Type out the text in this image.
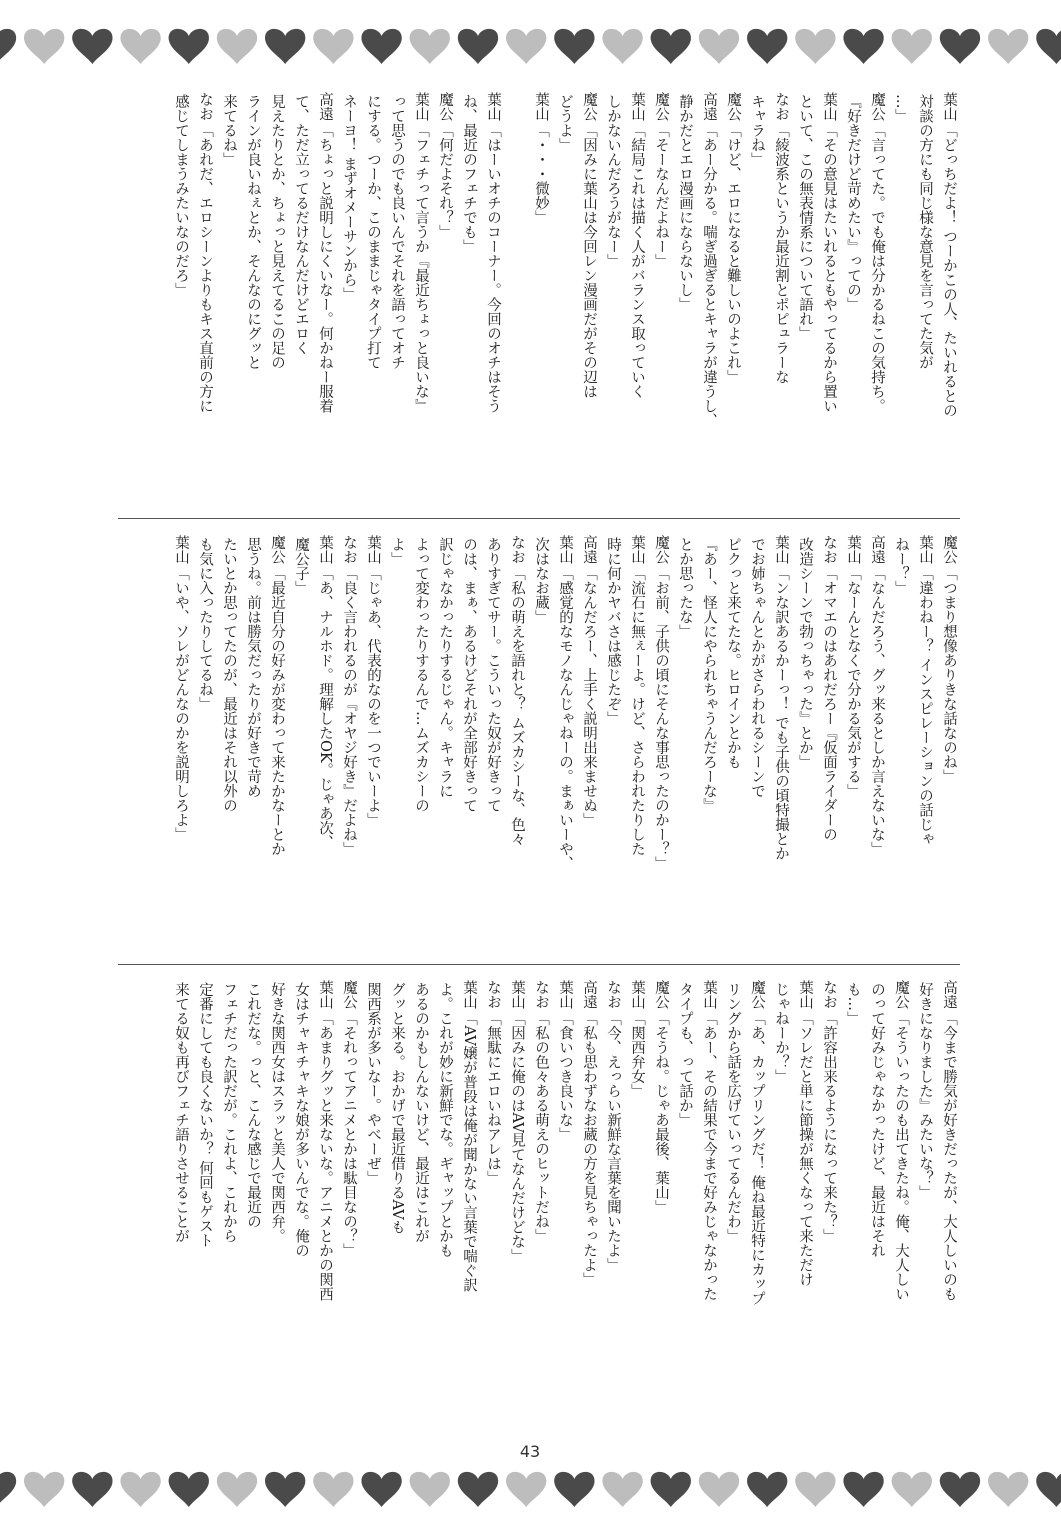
葉山
「どっちだよ！ つーかこの人、たいれるとの
対談の方にも同じ様な意見を言ってた気が
…」
魔公
「言ってた。でも俺は分かるねこの気持ち。
『好きだけど苛めたい』っての」
葉山
「その意見はたいれるともやってるから置い
といて、この無表情系について語れ」
なお
「綾波系というか最近割とポピュラーな
キャラね」
魔公
「けど、エロになると難しいのよこれ」
高遠
「あー分かる。喘ぎ過ぎるとキャラが違うし、
静かだとエロ漫画にならないし」
魔公
「そーなんだよねー」
葉山
「結局これは描く人がバランス取っていく
しかないんだろうがなー」
魔公
「因みに葉山は今回レン漫画だがその辺は
どうよ」
葉山
「・・・微妙」
葉山
「はーいオチのコーナー。今回のオチはそう
ね、最近のフェチでも」
魔公
「何だよそれ？」
葉山
「フェチって言うか『最近ちょっと良いな』
って思うのでも良いんでそれを語ってオチ
にする。つーか、このままじゃタイプ打て
ネーヨ！ まずオメーサンから」
高遠
「ちょっと説明しにくいなー。何かねー服着
て、ただ立ってるだけなんだけどエロく
見えたりとか、ちょっと見えてるこの足の
ラインが良いねぇとか、そんなのにグッと
来てるね」
なお
「あれだ、エロシーンよりもキス直前の方に
感じてしまうみたいなのだろ」
魔公
「つまり想像ありきな話なのね」
葉山
「違わねー？ インスピレーションの話じゃ
ねー？」
高遠
「なんだろう、グッ来るとしか言えないな」
葉山
「なーんとなくで分かる気がする」
なお
「オマエのはあれだろー『仮面ライダーの
改造シーンで勃っちゃった』とか」
葉山
「ンな訳あるかーっ！ でも子供の頃特撮とか
でお姉ちゃんとかがさらわれるシーンで
ピクっと来てたな。ヒロインとかも
『あー、怪人にやられちゃうんだろーな』
とか思ったな」
魔公
「お前、子供の頃にそんな事思ったのかー？」
葉山
「流石に無ぇーよ。けど、さらわれたりした
時に何かヤバさは感じたぞ」
高遠
「なんだろー、上手く説明出来ませぬ」
葉山
「感覚的なモノなんじゃねーの。まぁいーや、
次はなお蔵」
なお
「私の萌えを語れと？ ムズカシーな、色々
ありすぎてサー。こういった奴が好きって
のは、まぁ、あるけどそれが全部好きって
訳じゃなかったりするじゃん。キャラに
よって変わったりするんで…ムズカシーの
よ」
葉山
「じゃあ、代表的なのを一つでいーよ」
なお
「良く言われるのが『オヤジ好き』だよね」
葉山
「あ、ナルホド。理解したOK。じゃあ次、
魔公子」
魔公
「最近自分の好みが変わって来たかなーとか
思うね。前は勝気だったりが好きで苛め
たいとか思ってたのが、最近はそれ以外の
も気に入ったりしてるね」
葉山
「いや、ソレがどんなのかを説明しろよ」
高遠
「今まで勝気が好きだったが、大人しいのも
好きになりました』みたいな？」
魔公
「そういったのも出てきたね。俺、大人しい
のって好みじゃなかったけど、最近はそれ
も…」
なお
「許容出来るようになって来た？」
葉山
「ソレだと単に節操が無くなって来ただけ
じゃねーか？」
魔公
「あ、カップリングだ！ 俺ね最近特にカップ
リングから話を広げていってるんだわ」
葉山
「あー、その結果で今まで好みじゃなかった
タイプも、って話か」
魔公
「そうね。じゃあ最後、葉山」
葉山
「関西弁女」
なお
「今、えっらい新鮮な言葉を聞いたよ」
高遠
「私も思わずなお蔵の方を見ちゃったよ」
葉山
「食いつき良いな」
なお
「私の色々ある萌えのヒットだね」
葉山
「因みに俺のはAV見てなんだけどな」
なお
「無駄にエロいねアレは」
葉山
「AV嬢が普段は俺が聞かない言葉で喘ぐ訳
よ。これが妙に新鮮でな。ギャップとかも
あるのかもしんないけど、最近はこれが
グッと来る。おかげで最近借りるAVも
関西系が多いなー。やべーぜ」
魔公
「それってアニメとかは駄目なの？」
葉山
「あまりグッと来ないな。アニメとかの関西
女はチャキチャキな娘が多いんでな。俺の
好きな関西女はスラッと美人で関西弁。
これだな。っと、こんな感じで最近の
フェチだった訳だが。これよ、これから
定番にしても良くないか？ 何回もゲスト
来てる奴も再びフェチ語りさせることが
43
